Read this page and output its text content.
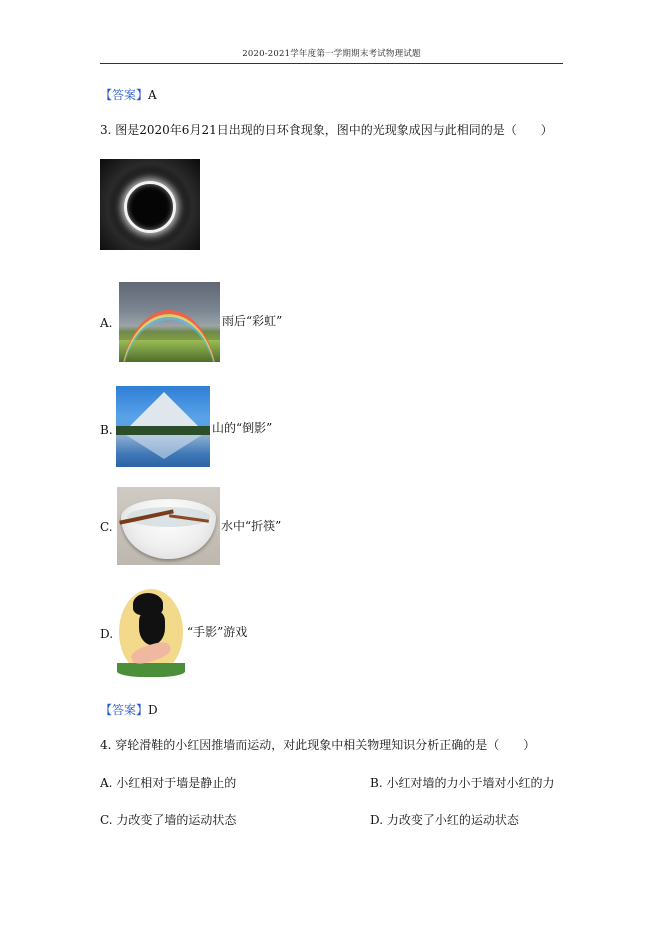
2020-2021学年度第一学期期末考试物理试题
【答案】A
3. 图是2020年6月21日出现的日环食现象，图中的光现象成因与此相同的是（　　）
A.	雨后“彩虹”
B.	山的“倒影”
C.	水中“折筷”
D.	“手影”游戏
【答案】D
4. 穿轮滑鞋的小红因推墙而运动，对此现象中相关物理知识分析正确的是（　　）
A. 小红相对于墙是静止的	B. 小红对墙的力小于墙对小红的力
C. 力改变了墙的运动状态	D. 力改变了小红的运动状态
